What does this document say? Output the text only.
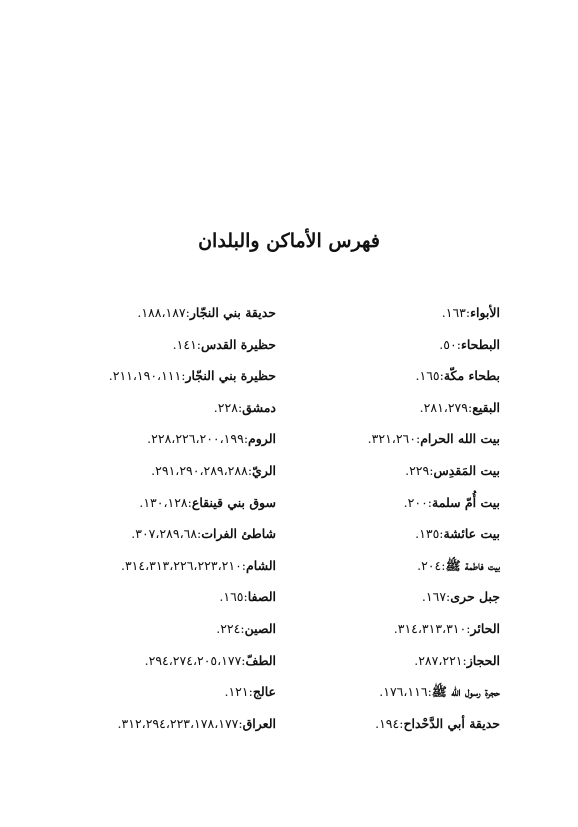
فهرس الأماكن والبلدان
الأبواء:١٦٣.
البطحاء:٥٠.
بطحاء مكّة:١٦٥.
البقيع:٢٨١،٢٧٩.
بيت الله الحرام:٣٢١،٢٦٠.
بيت المَقدِس:٢٢٩.
بيت أُمّ سلمة:٢٠٠.
بيت عائشة:١٣٥.
بيت فاطمة ﷺ:٢٠٤.
جبل حرى:١٦٧.
الحائر:٣١٤،٣١٣،٣١٠.
الحجاز:٢٨٧،٢٢١.
حجرة رسول الله ﷺ:١٧٦،١١٦.
حديقة أبي الدَّحْداح:١٩٤.
حديقة بني النجّار:١٨٨،١٨٧.
حظيرة القدس:١٤١.
حظيرة بني النجّار:٢١١،١٩٠،١١١.
دمشق:٢٢٨.
الروم:٢٢٨،٢٢٦،٢٠٠،١٩٩.
الريّ:٢٩١،٢٩٠،٢٨٩،٢٨٨.
سوق بني قينقاع:١٣٠،١٢٨.
شاطئ الفرات:٣٠٧،٢٨٩،٦٨.
الشام:٣١٤،٣١٣،٢٢٦،٢٢٣،٢١٠.
الصفا:١٦٥.
الصين:٢٢٤.
الطفّ:٢٩٤،٢٧٤،٢٠٥،١٧٧.
عالج:١٢١.
العراق:٣١٢،٢٩٤،٢٢٣،١٧٨،١٧٧.
